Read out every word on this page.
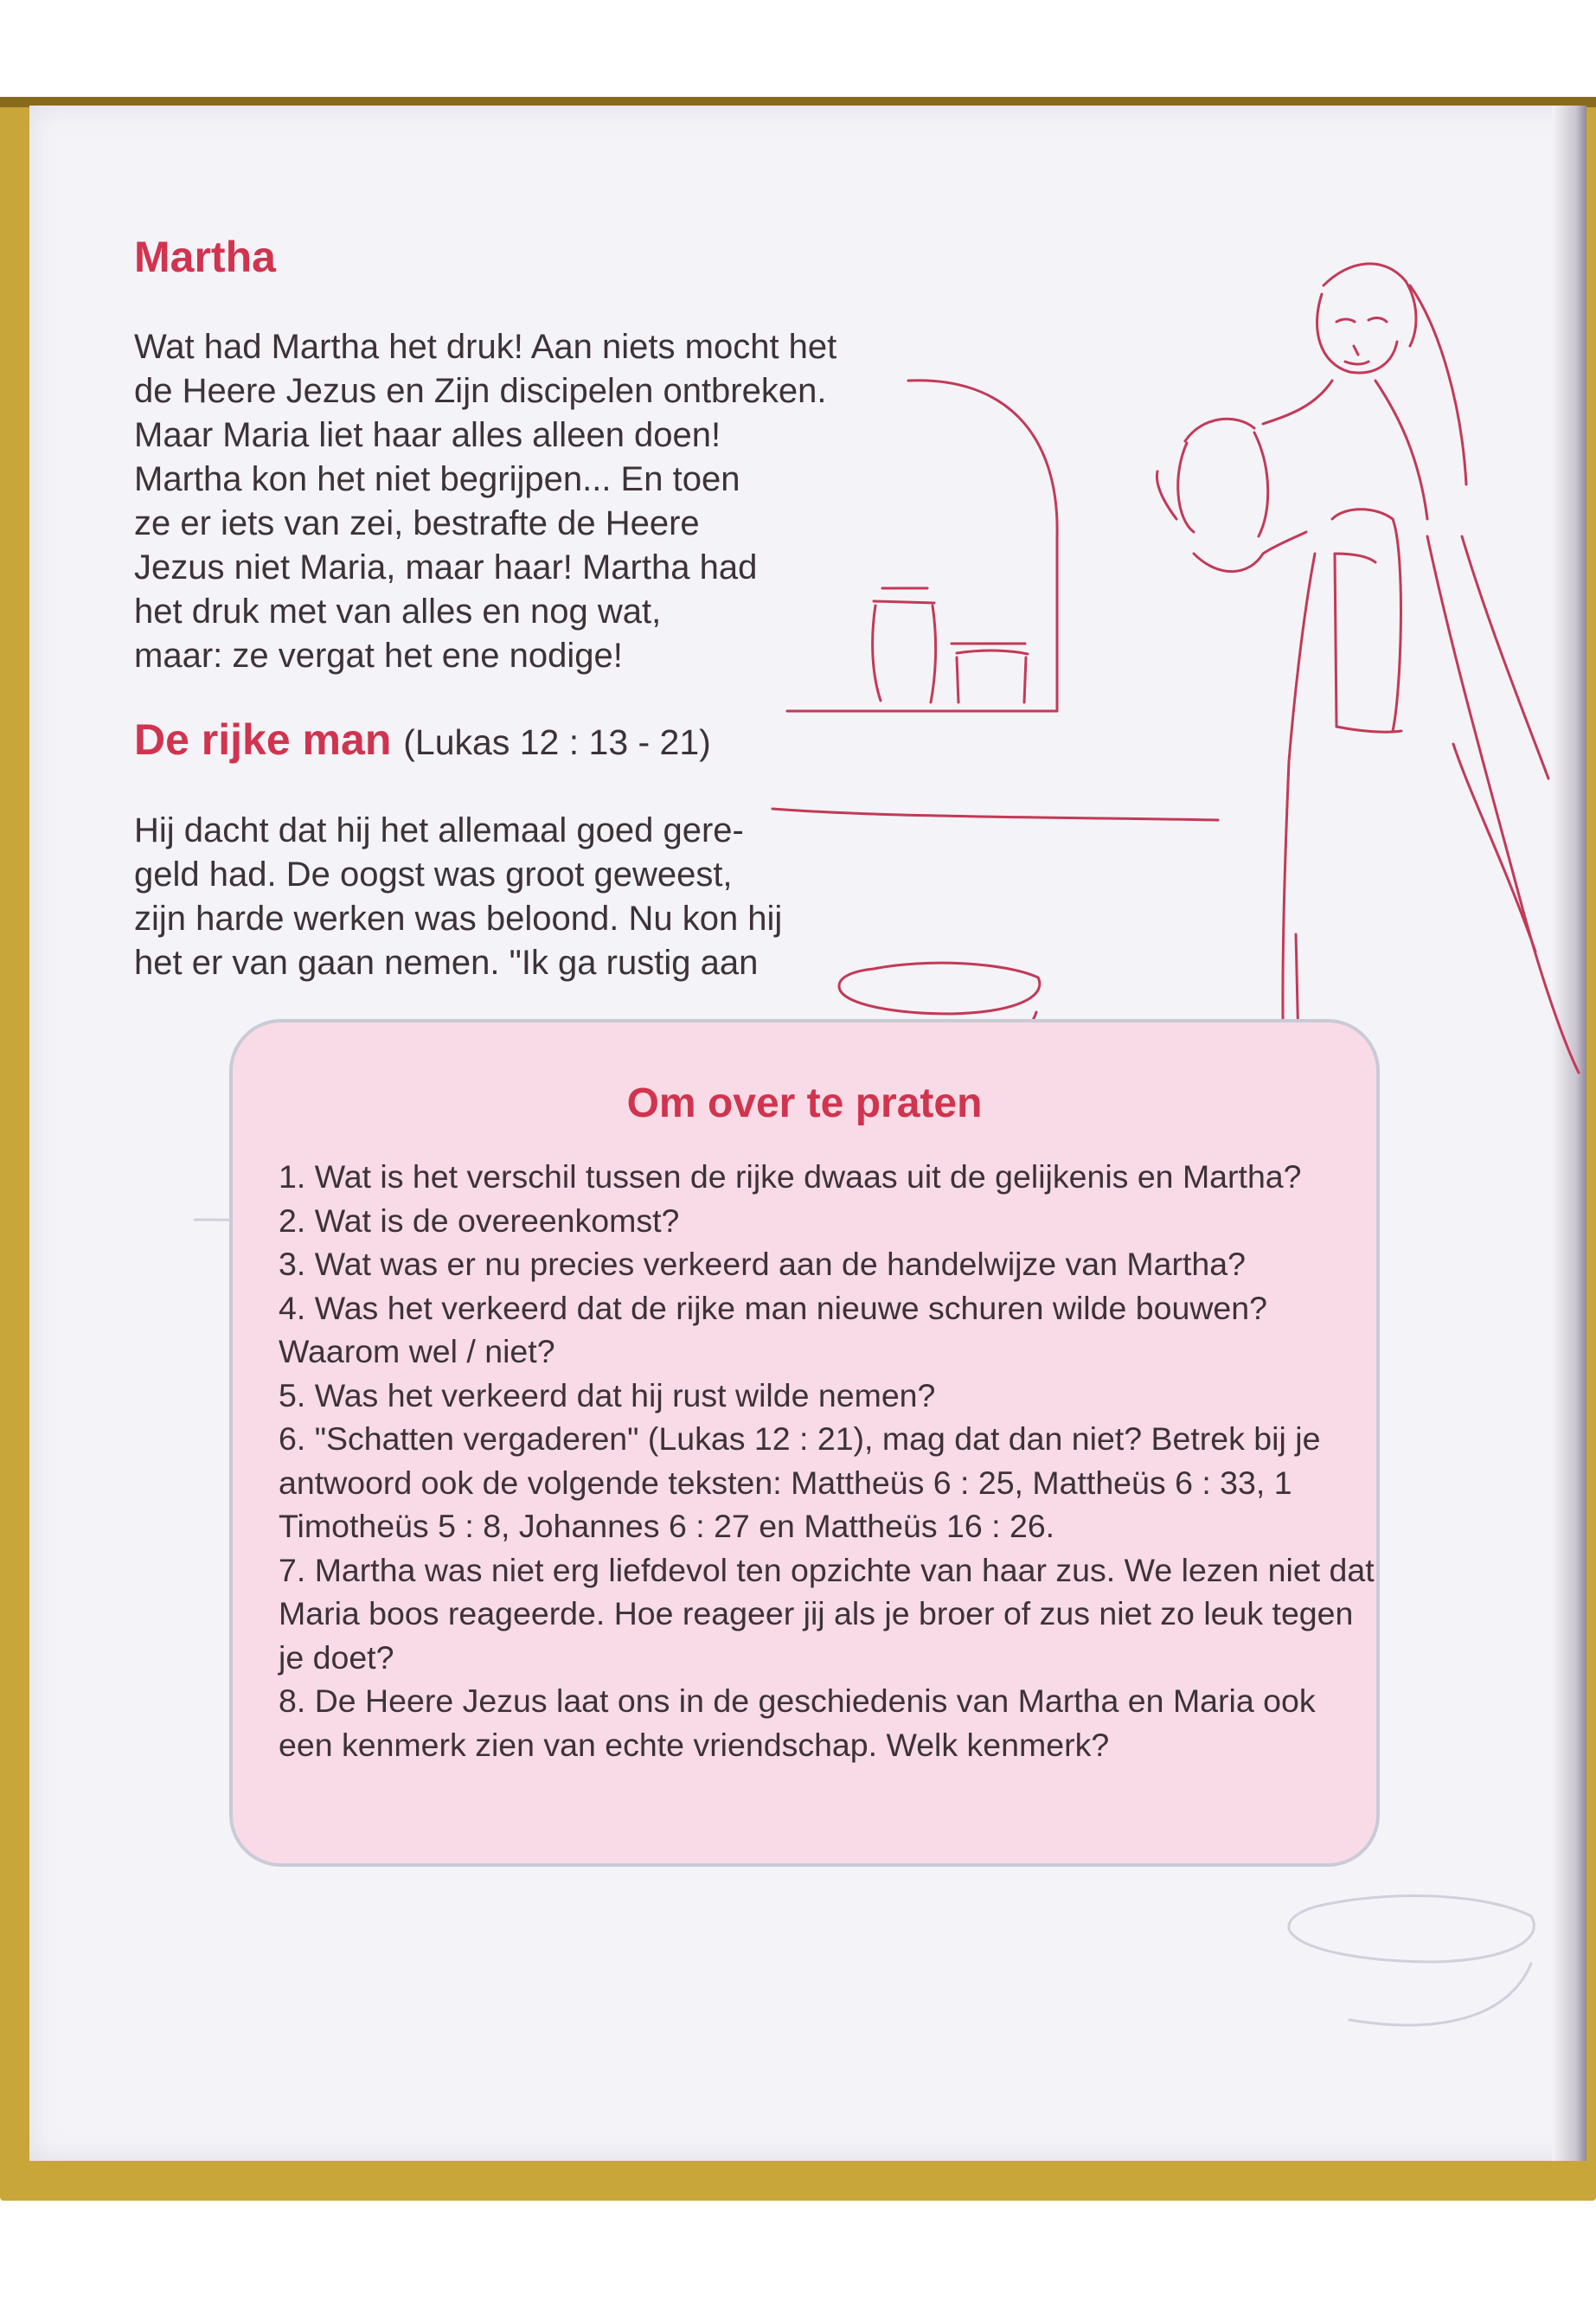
Martha

Wat had Martha het druk! Aan niets mocht het
de Heere Jezus en Zijn discipelen ontbreken.
Maar Maria liet haar alles alleen doen!
Martha kon het niet begrijpen... En toen
ze er iets van zei, bestrafte de Heere
Jezus niet Maria, maar haar! Martha had
het druk met van alles en nog wat,
maar: ze vergat het ene nodige!

De rijke man (Lukas 12 : 13 - 21)

Hij dacht dat hij het allemaal goed gere-
geld had. De oogst was groot geweest,
zijn harde werken was beloond. Nu kon hij
het er van gaan nemen. "Ik ga rustig aan

Om over te praten
1. Wat is het verschil tussen de rijke dwaas uit de gelijkenis en Martha?
2. Wat is de overeenkomst?
3. Wat was er nu precies verkeerd aan de handelwijze van Martha?
4. Was het verkeerd dat de rijke man nieuwe schuren wilde bouwen? Waarom wel / niet?
5. Was het verkeerd dat hij rust wilde nemen?
6. "Schatten vergaderen" (Lukas 12 : 21), mag dat dan niet? Betrek bij je antwoord ook de volgende teksten: Mattheüs 6 : 25, Mattheüs 6 : 33, 1 Timotheüs 5 : 8, Johannes 6 : 27 en Mattheüs 16 : 26.
7. Martha was niet erg liefdevol ten opzichte van haar zus. We lezen niet dat Maria boos reageerde. Hoe reageer jij als je broer of zus niet zo leuk tegen je doet?
8. De Heere Jezus laat ons in de geschiedenis van Martha en Maria ook een kenmerk zien van echte vriendschap. Welk kenmerk?
